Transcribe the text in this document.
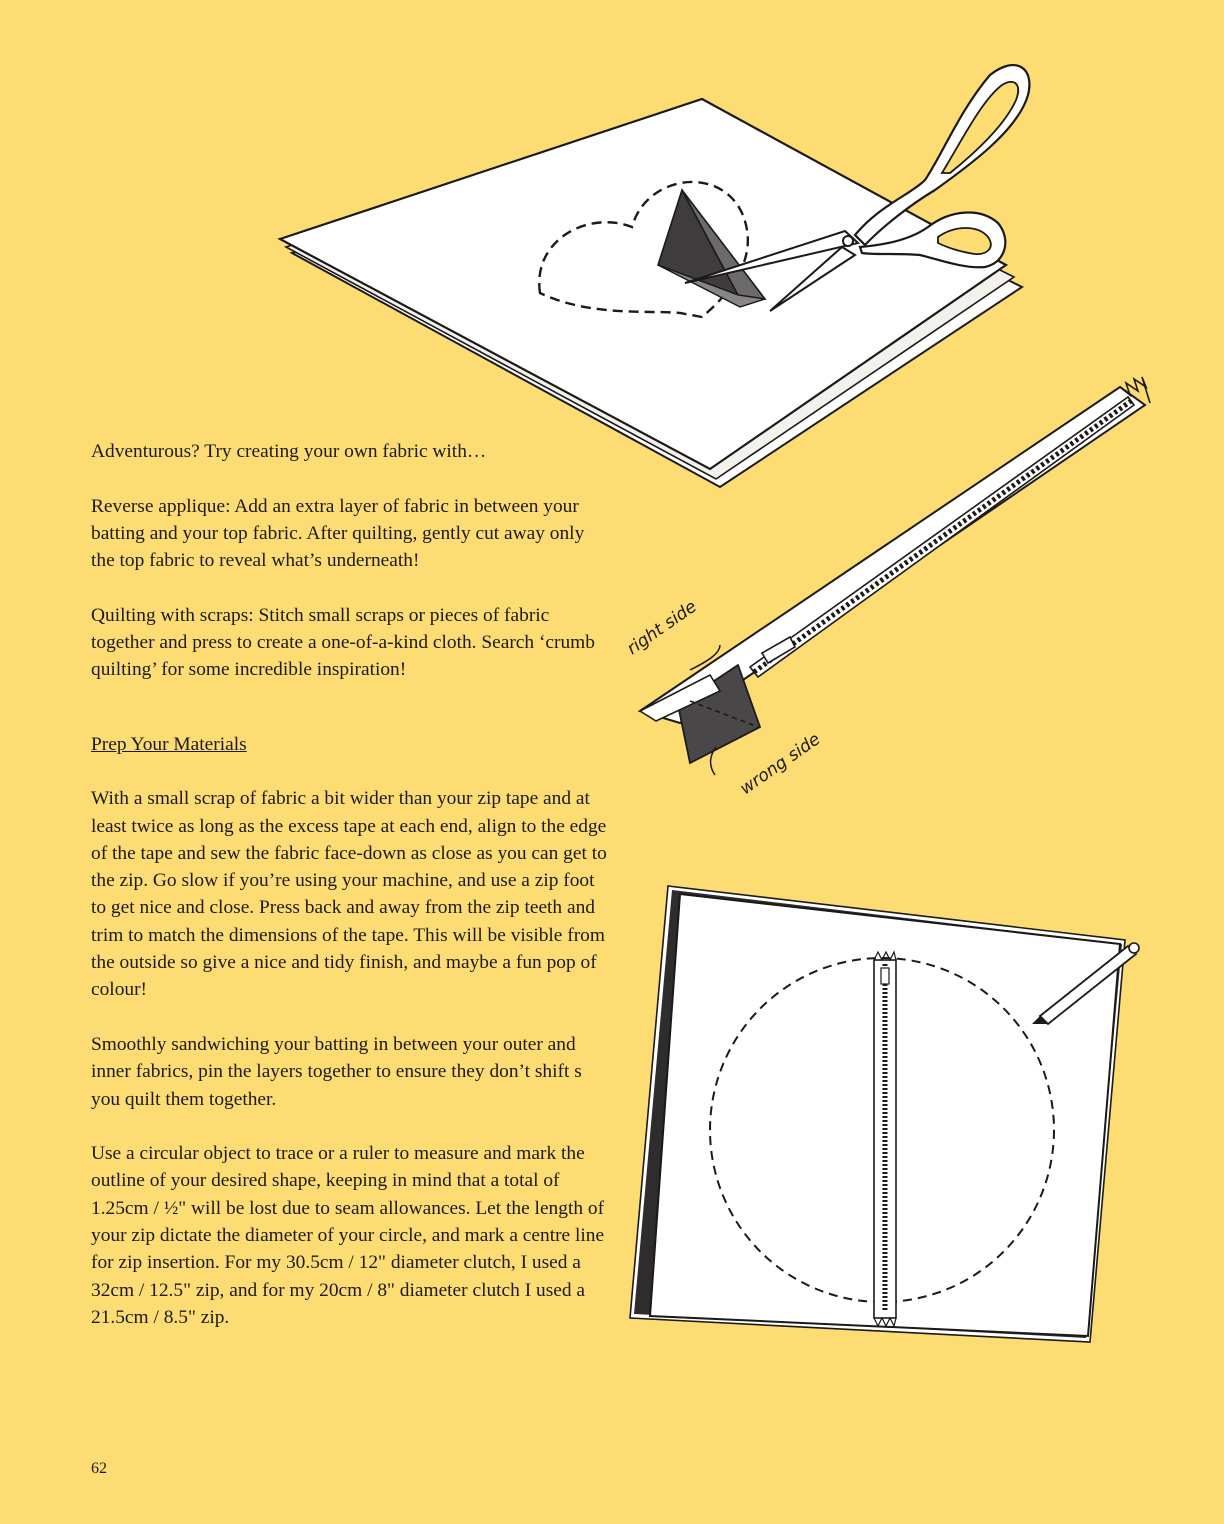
right side
wrong side

Adventurous? Try creating your own fabric with…

Reverse applique: Add an extra layer of fabric in between your batting and your top fabric. After quilting, gently cut away only the top fabric to reveal what’s underneath!

Quilting with scraps: Stitch small scraps or pieces of fabric together and press to create a one-of-a-kind cloth. Search ‘crumb quilting’ for some incredible inspiration!

Prep Your Materials

With a small scrap of fabric a bit wider than your zip tape and at least twice as long as the excess tape at each end, align to the edge of the tape and sew the fabric face-down as close as you can get to the zip. Go slow if you’re using your machine, and use a zip foot to get nice and close. Press back and away from the zip teeth and trim to match the dimensions of the tape. This will be visible from the outside so give a nice and tidy finish, and maybe a fun pop of colour!

Smoothly sandwiching your batting in between your outer and inner fabrics, pin the layers together to ensure they don’t shift s you quilt them together.

Use a circular object to trace or a ruler to measure and mark the outline of your desired shape, keeping in mind that a total of 1.25cm / ½" will be lost due to seam allowances. Let the length of your zip dictate the diameter of your circle, and mark a centre line for zip insertion. For my 30.5cm / 12" diameter clutch, I used a 32cm / 12.5" zip, and for my 20cm / 8" diameter clutch I used a 21.5cm / 8.5" zip.

62
